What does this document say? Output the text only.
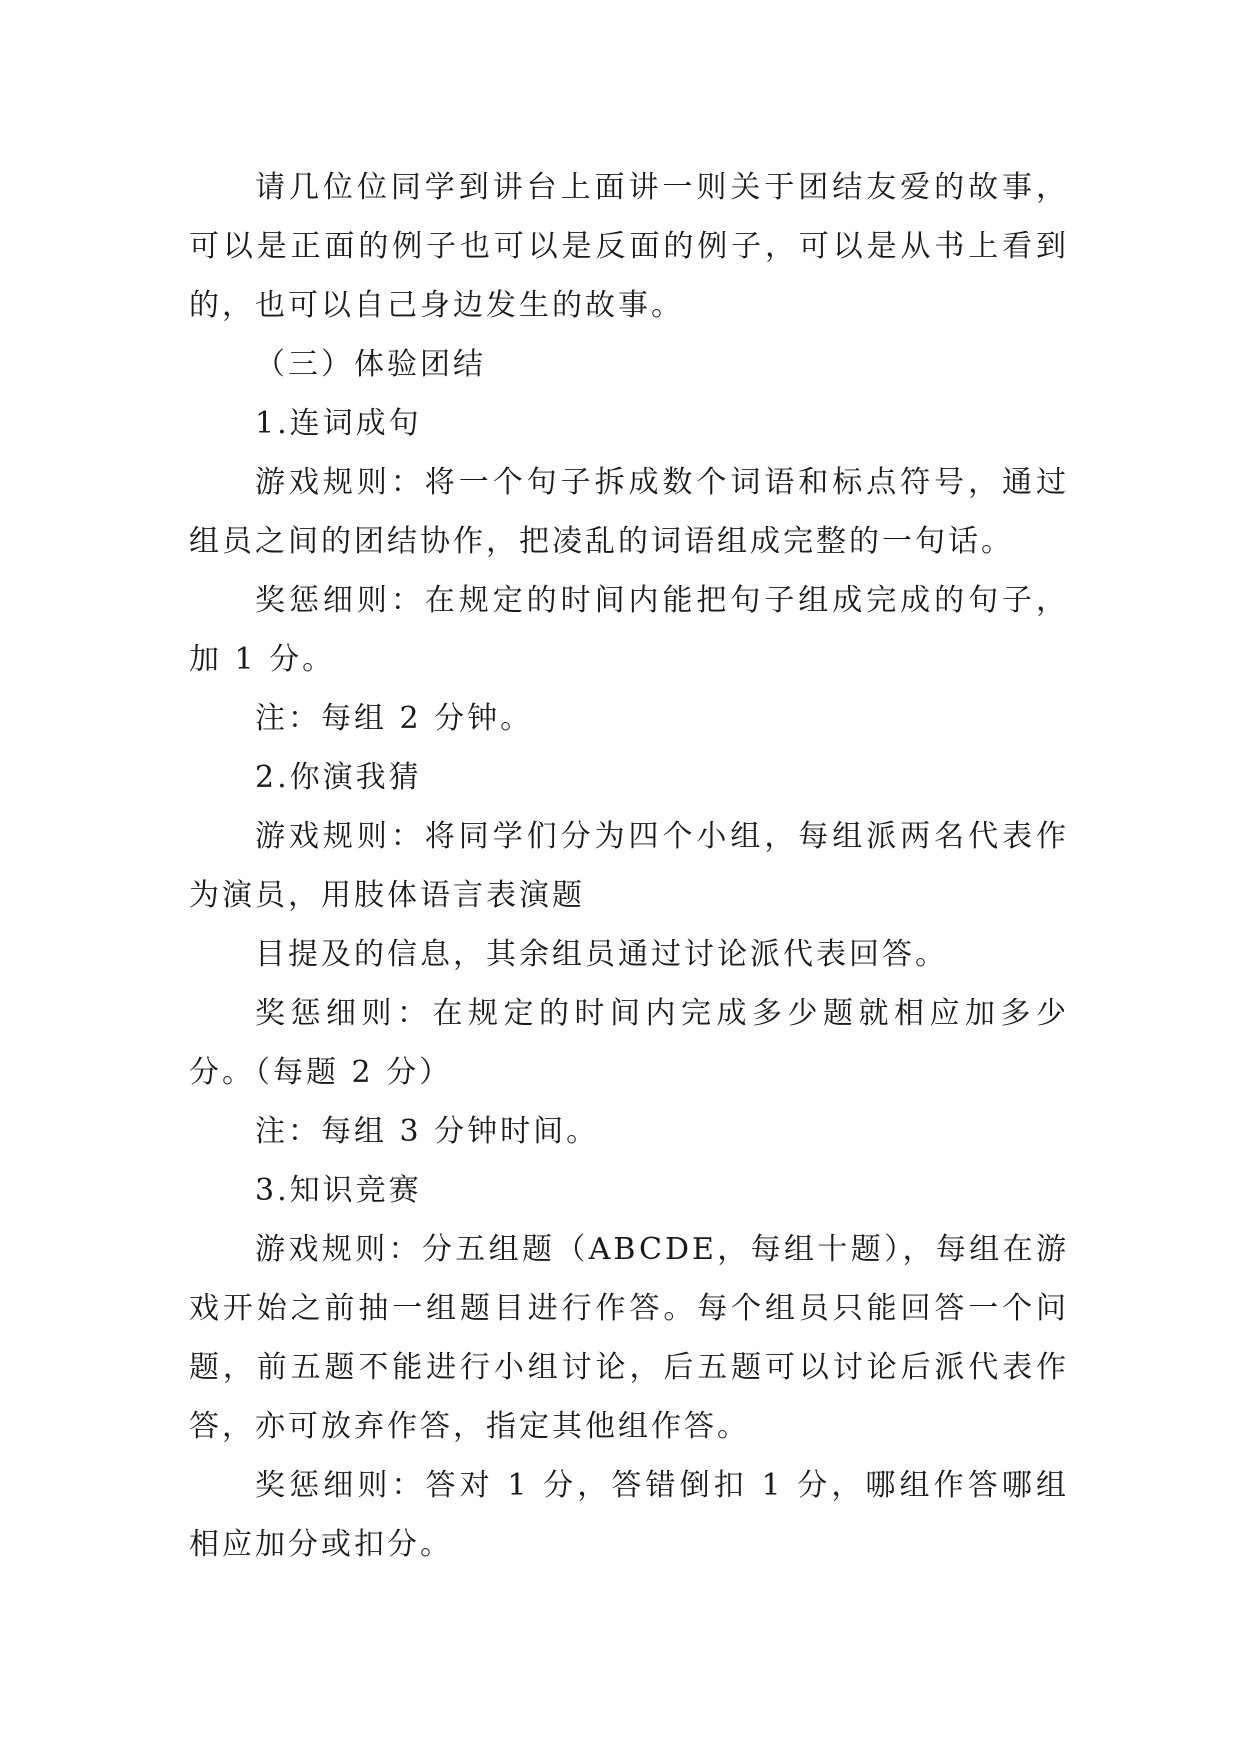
请几位位同学到讲台上面讲一则关于团结友爱的故事，可以是正面的例子也可以是反面的例子，可以是从书上看到的，也可以自己身边发生的故事。

（三）体验团结

1.连词成句

游戏规则：将一个句子拆成数个词语和标点符号，通过组员之间的团结协作，把凌乱的词语组成完整的一句话。

奖惩细则：在规定的时间内能把句子组成完成的句子，加 1 分。

注：每组 2 分钟。

2.你演我猜

游戏规则：将同学们分为四个小组，每组派两名代表作为演员，用肢体语言表演题

目提及的信息，其余组员通过讨论派代表回答。

奖惩细则：在规定的时间内完成多少题就相应加多少分。（每题 2 分）

注：每组 3 分钟时间。

3.知识竞赛

游戏规则：分五组题（ABCDE，每组十题），每组在游戏开始之前抽一组题目进行作答。每个组员只能回答一个问题，前五题不能进行小组讨论，后五题可以讨论后派代表作答，亦可放弃作答，指定其他组作答。

奖惩细则：答对 1 分，答错倒扣 1 分，哪组作答哪组相应加分或扣分。
